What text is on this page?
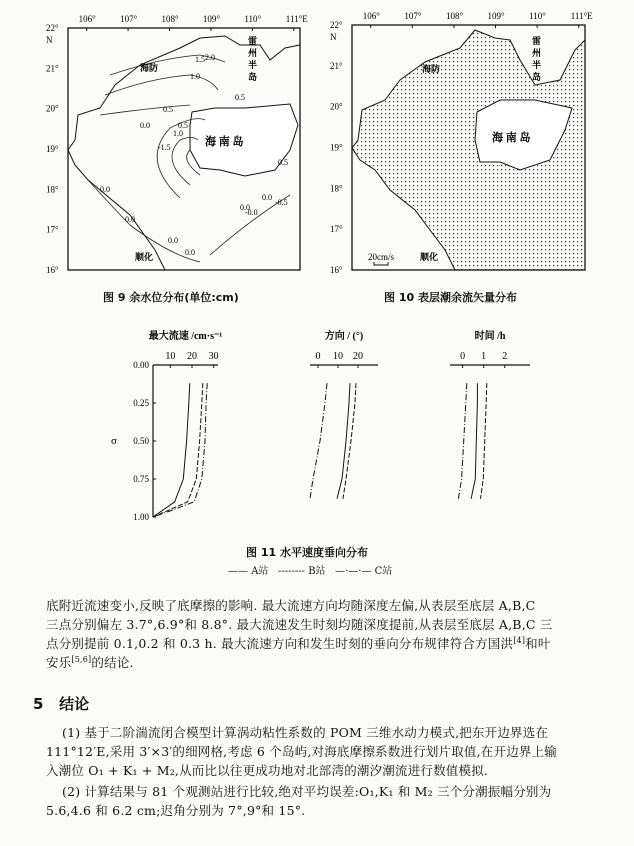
106°	107°	108°	109°	110°	111°E
22°
N
21°
20°
19°
18°
17°
16°
2.0
1.5
1.0
0.5
0.0	0.5
1.0
-1.5
0.0
0.0
0.0
0.0
0.0
-0.0
0.0
-0.5
0.5
0.5
海防
雷
州
半
岛
海 南 岛
顺化
图 9 余水位分布(单位:cm)
106°	107°	108°	109°	110°	111°E
22°
N
21°
20°
19°
18°
17°
16°
海防
雷
州
半
岛
海 南 岛
顺化
20cm/s
图 10 表层潮余流矢量分布
最大流速 /cm·s⁻¹
10 20 30
0.00
0.25
0.50
0.75
1.00
σ
方向 / (°)
0 10 20
时间 /h
0 1 2
图 11 水平速度垂向分布
—— A站 -------- B站 —·—·— C站
底附近流速变小,反映了底摩擦的影响. 最大流速方向均随深度左偏,从表层至底层 A,B,C
三点分别偏左 3.7°,6.9°和 8.8°. 最大流速发生时刻均随深度提前,从表层至底层 A,B,C 三
点分别提前 0.1,0.2 和 0.3 h. 最大流速方向和发生时刻的垂向分布规律符合方国洪[4]和叶
安乐[5,6]的结论.
5 结论
(1) 基于二阶湍流闭合模型计算涡动粘性系数的 POM 三维水动力模式,把东开边界选在
111°12′E,采用 3′×3′的细网格,考虑 6 个岛屿,对海底摩擦系数进行划片取值,在开边界上输
入潮位 O₁ + K₁ + M₂,从而比以往更成功地对北部湾的潮汐潮流进行数值模拟.
(2) 计算结果与 81 个观测站进行比较,绝对平均误差:O₁,K₁ 和 M₂ 三个分潮振幅分别为
5.6,4.6 和 6.2 cm;迟角分别为 7°,9°和 15°.
